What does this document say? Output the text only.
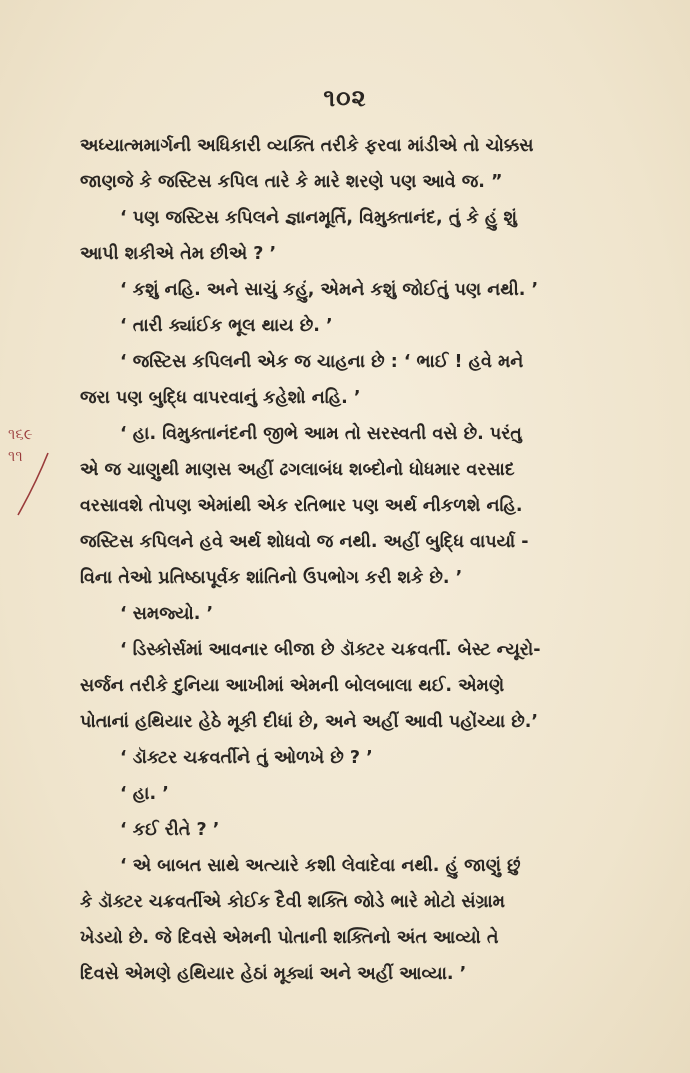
૧૦૨
૧૬૯
૧૧
અધ્યાત્મમાર્ગની અધિકારી વ્યક્તિ તરીકે ફરવા માંડીએ તો ચોક્કસ
જાણજે કે જસ્ટિસ કપિલ તારે કે મારે શરણે પણ આવે જ. ”
‘ પણ જસ્ટિસ કપિલને જ્ઞાનમૂર્તિ, વિમુક્તાનંદ, તું કે હું શું
આપી શકીએ તેમ છીએ ? ’
‘ કશું નહિ. અને સાચું કહું, એમને કશું જોઈતું પણ નથી. ’
‘ તારી ક્યાંઈક ભૂલ થાય છે. ’
‘ જસ્ટિસ કપિલની એક જ ચાહના છે : ‘ ભાઈ ! હવે મને
જરા પણ બુદ્ધિ વાપરવાનું કહેશો નહિ. ’
‘ હા. વિમુક્તાનંદની જીભે આમ તો સરસ્વતી વસે છે. પરંતુ
એ જ ચાણુથી માણસ અહીં ઢગલાબંધ શબ્દોનો ધોધમાર વરસાદ
વરસાવશે તોપણ એમાંથી એક રતિભાર પણ અર્થ નીકળશે નહિ.
જસ્ટિસ કપિલને હવે અર્થ શોધવો જ નથી. અહીં બુદ્ધિ વાપર્યા -
વિના તેઓ પ્રતિષ્ઠાપૂર્વક શાંતિનો ઉપભોગ કરી શકે છે. ’
‘ સમજ્યો. ’
‘ ડિસ્કોર્સમાં આવનાર બીજા છે ડૉક્ટર ચક્રવર્તી. બેસ્ટ ન્યૂરો-
સર્જન તરીકે દુનિયા આખીમાં એમની બોલબાલા થઈ. એમણે
પોતાનાં હથિયાર હેઠે મૂકી દીધાં છે, અને અહીં આવી પહોંચ્યા છે.’
‘ ડૉક્ટર ચક્રવર્તીને તું ઓળખે છે ? ’
‘ હા. ’
‘ કઈ રીતે ? ’
‘ એ બાબત સાથે અત્યારે કશી લેવાદેવા નથી. હું જાણું છું
કે ડૉક્ટર ચક્રવર્તીએ કોઈક દૈવી શક્તિ જોડે ભારે મોટો સંગ્રામ
ખેડયો છે. જે દિવસે એમની પોતાની શક્તિનો અંત આવ્યો તે
દિવસે એમણે હથિયાર હેઠાં મૂક્યાં અને અહીં આવ્યા. ’
